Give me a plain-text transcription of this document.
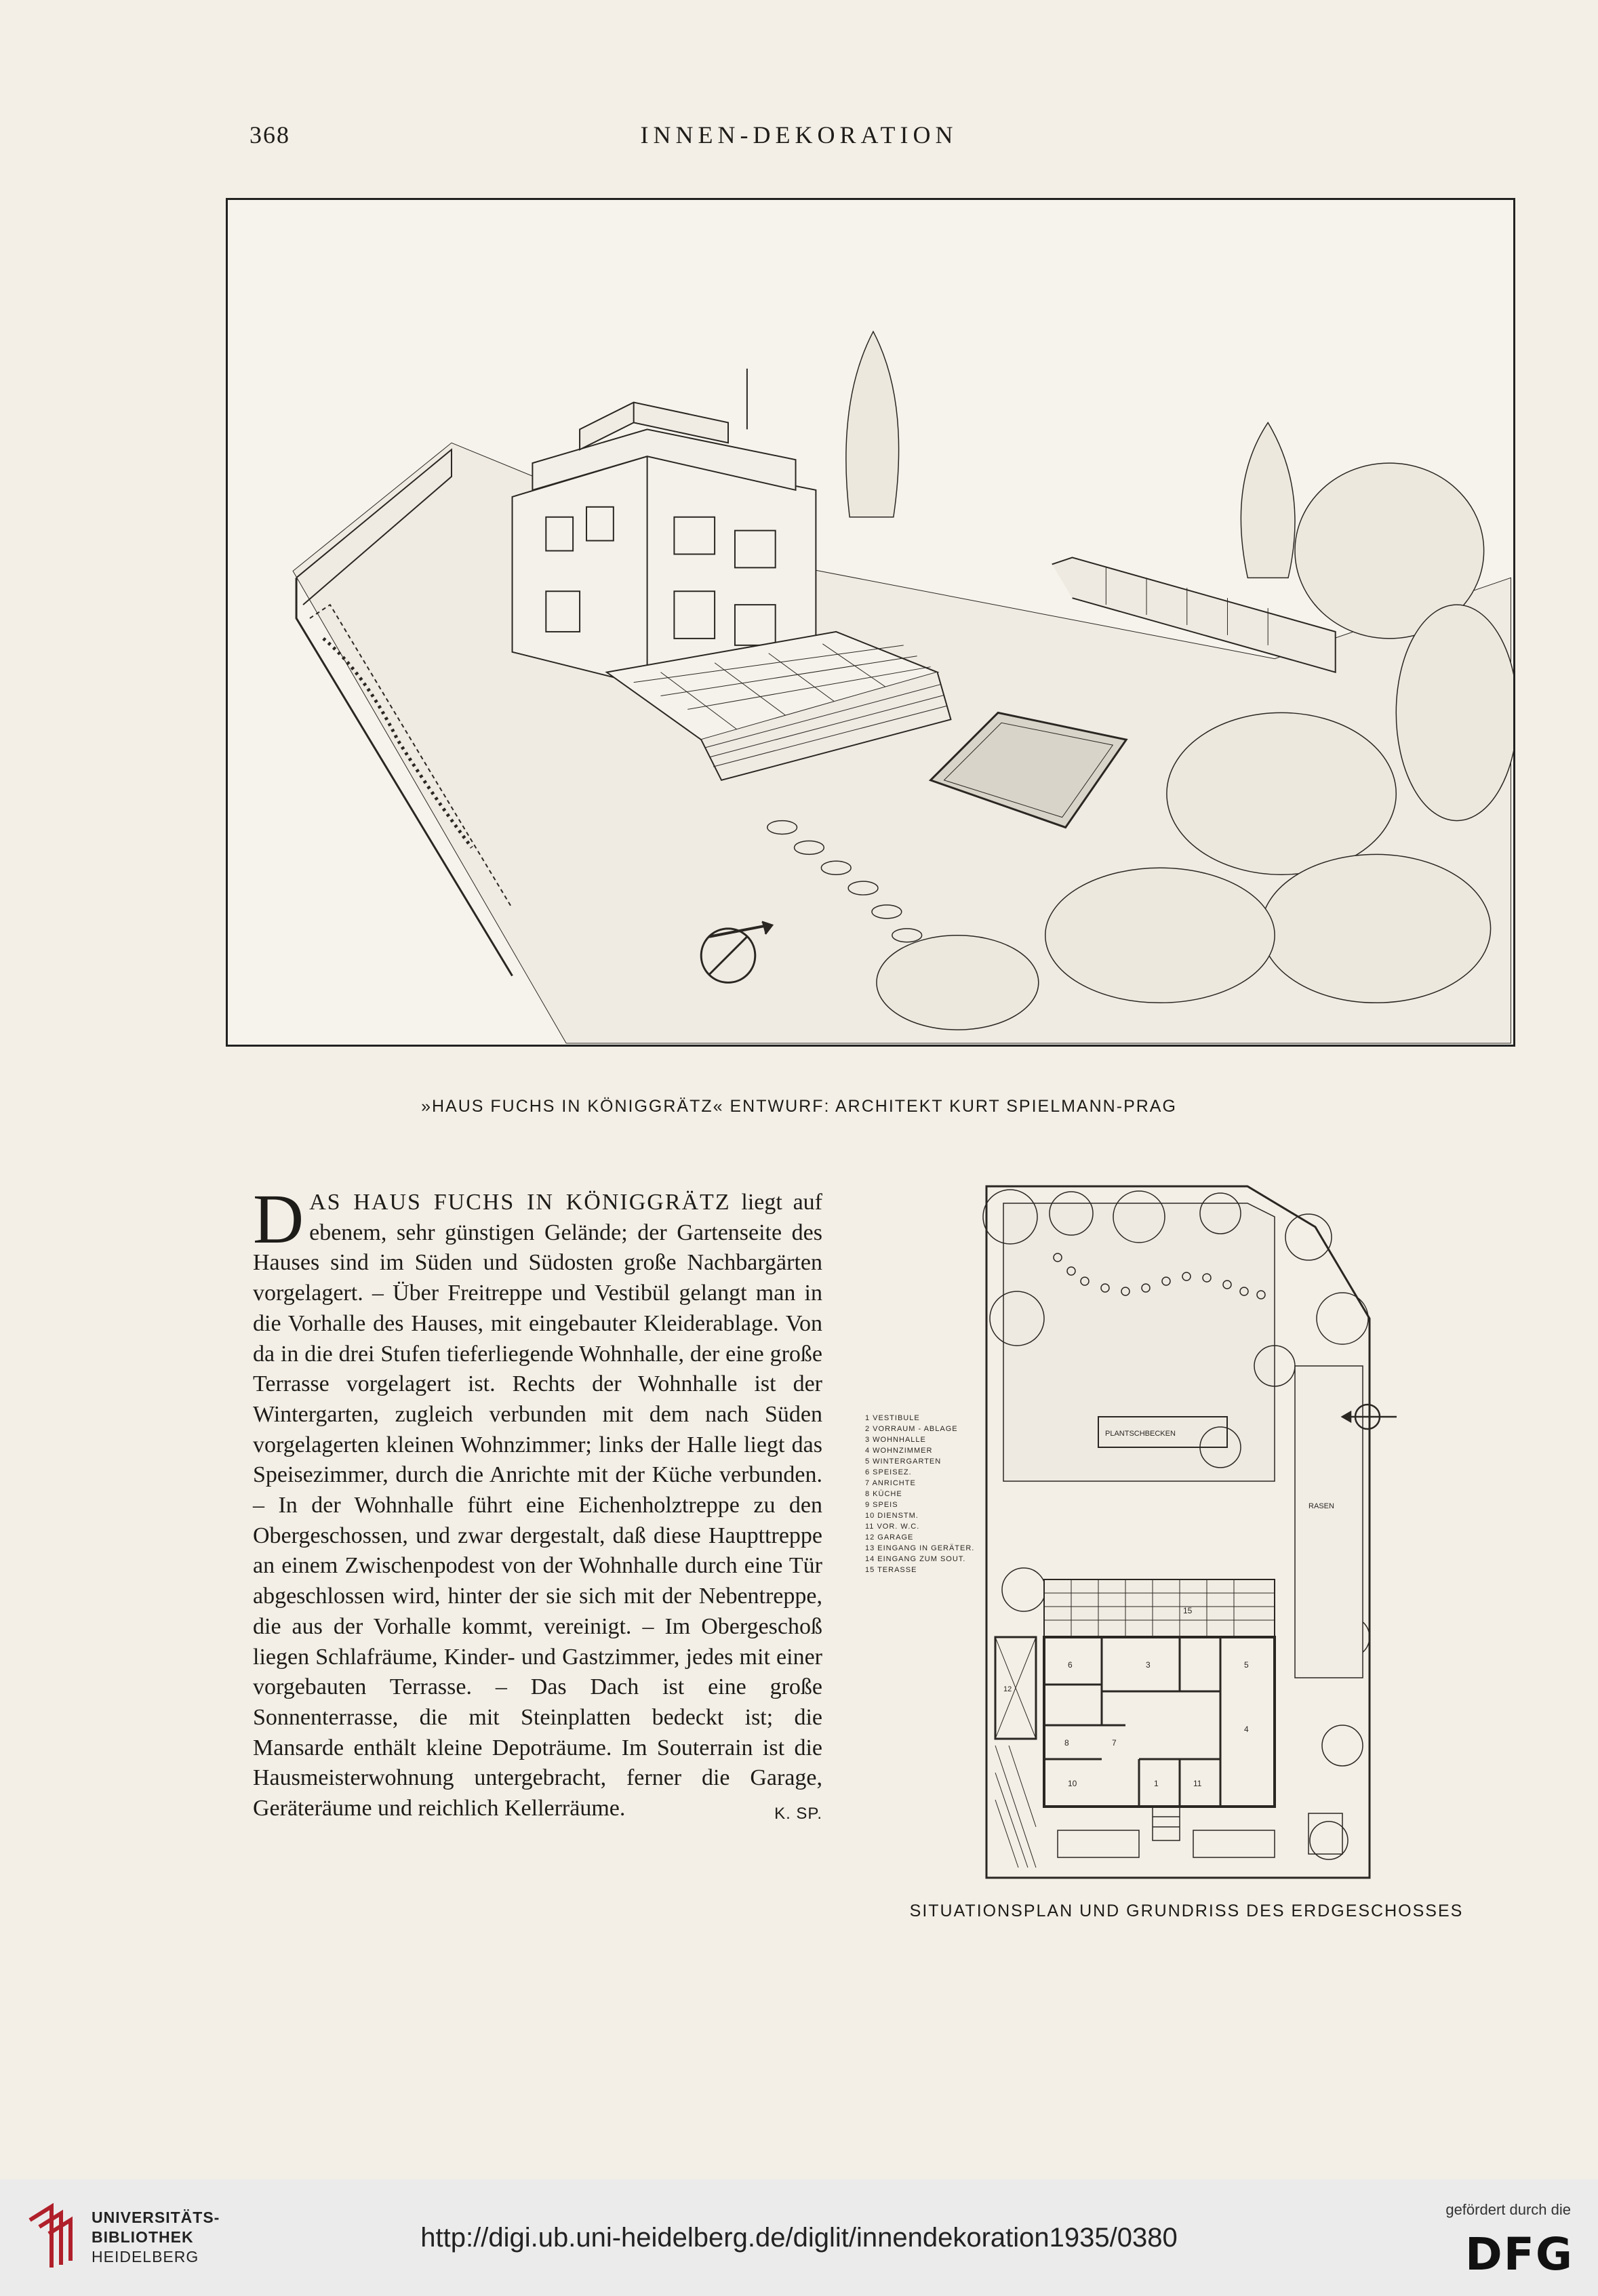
368	INNEN-DEKORATION
»HAUS FUCHS IN KÖNIGGRÄTZ« ENTWURF: ARCHITEKT KURT SPIELMANN-PRAG

DAS HAUS FUCHS IN KÖNIGGRÄTZ liegt auf ebenem, sehr günstigen Gelände; der Gartenseite des Hauses sind im Süden und Südosten große Nachbargärten vorgelagert. – Über Freitreppe und Vestibül gelangt man in die Vorhalle des Hauses, mit eingebauter Kleiderablage. Von da in die drei Stufen tieferliegende Wohnhalle, der eine große Terrasse vorgelagert ist. Rechts der Wohnhalle ist der Wintergarten, zugleich verbunden mit dem nach Süden vorgelagerten kleinen Wohnzimmer; links der Halle liegt das Speisezimmer, durch die Anrichte mit der Küche verbunden. – In der Wohnhalle führt eine Eichenholztreppe zu den Obergeschossen, und zwar dergestalt, daß diese Haupttreppe an einem Zwischenpodest von der Wohnhalle durch eine Tür abgeschlossen wird, hinter der sie sich mit der Nebentreppe, die aus der Vorhalle kommt, vereinigt. – Im Obergeschoß liegen Schlafräume, Kinder- und Gastzimmer, jedes mit einer vorgebauten Terrasse. – Das Dach ist eine große Sonnenterrasse, die mit Steinplatten bedeckt ist; die Mansarde enthält kleine Depoträume. Im Souterrain ist die Hausmeisterwohnung untergebracht, ferner die Garage, Geräteräume und reichlich Kellerräume.	K. SP.

1 VESTIBULE
2 VORRAUM - ABLAGE
3 WOHNHALLE
4 WOHNZIMMER
5 WINTERGARTEN
6 SPEISEZ.
7 ANRICHTE
8 KÜCHE
9 SPEIS
10 DIENSTM.
11 VOR. W.C.
12 GARAGE
13 EINGANG IN GERÄTER.
14 EINGANG ZUM SOUT.
15 TERASSE
PLANTSCHBECKEN
RASEN
15
6	3	5
4
8	7
1	11
10
12
SITUATIONSPLAN UND GRUNDRISS DES ERDGESCHOSSES
UNIVERSITÄTS-
BIBLIOTHEK
HEIDELBERG
http://digi.ub.uni-heidelberg.de/diglit/innendekoration1935/0380
gefördert durch die
DFG
